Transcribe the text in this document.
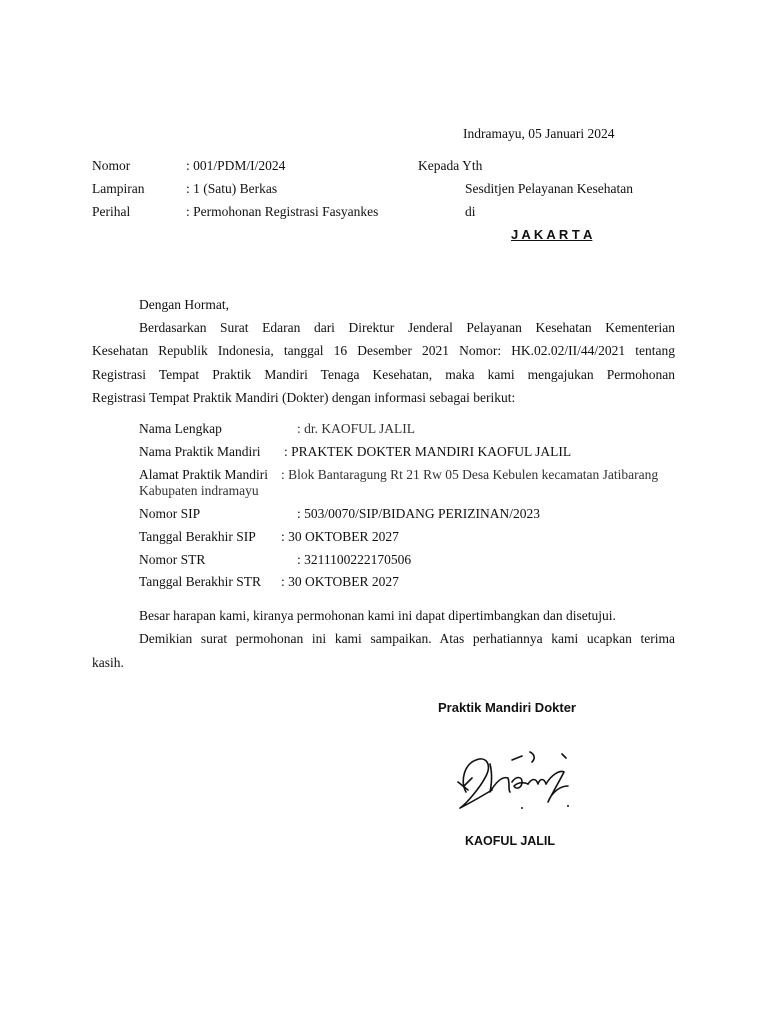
Indramayu, 05 Januari 2024
Nomor	: 001/PDM/I/2024
Lampiran	: 1 (Satu) Berkas
Perihal	: Permohonan Registrasi Fasyankes
Kepada Yth
Sesditjen Pelayanan Kesehatan
di
J A K A R T A
Dengan Hormat,
Berdasarkan Surat Edaran dari Direktur Jenderal Pelayanan Kesehatan Kementerian
Kesehatan Republik Indonesia, tanggal 16 Desember 2021 Nomor: HK.02.02/II/44/2021 tentang
Registrasi Tempat Praktik Mandiri Tenaga Kesehatan, maka kami mengajukan Permohonan
Registrasi Tempat Praktik Mandiri (Dokter) dengan informasi sebagai berikut:
Nama Lengkap	: dr. KAOFUL JALIL
Nama Praktik Mandiri : PRAKTEK DOKTER MANDIRI KAOFUL JALIL
Alamat Praktik Mandiri : Blok Bantaragung Rt 21 Rw 05 Desa Kebulen kecamatan Jatibarang
Kabupaten indramayu
Nomor SIP	: 503/0070/SIP/BIDANG PERIZINAN/2023
Tanggal Berakhir SIP : 30 OKTOBER 2027
Nomor STR	: 3211100222170506
Tanggal Berakhir STR : 30 OKTOBER 2027
Besar harapan kami, kiranya permohonan kami ini dapat dipertimbangkan dan disetujui.
Demikian surat permohonan ini kami sampaikan. Atas perhatiannya kami ucapkan terima
kasih.
Praktik Mandiri Dokter
KAOFUL JALIL
